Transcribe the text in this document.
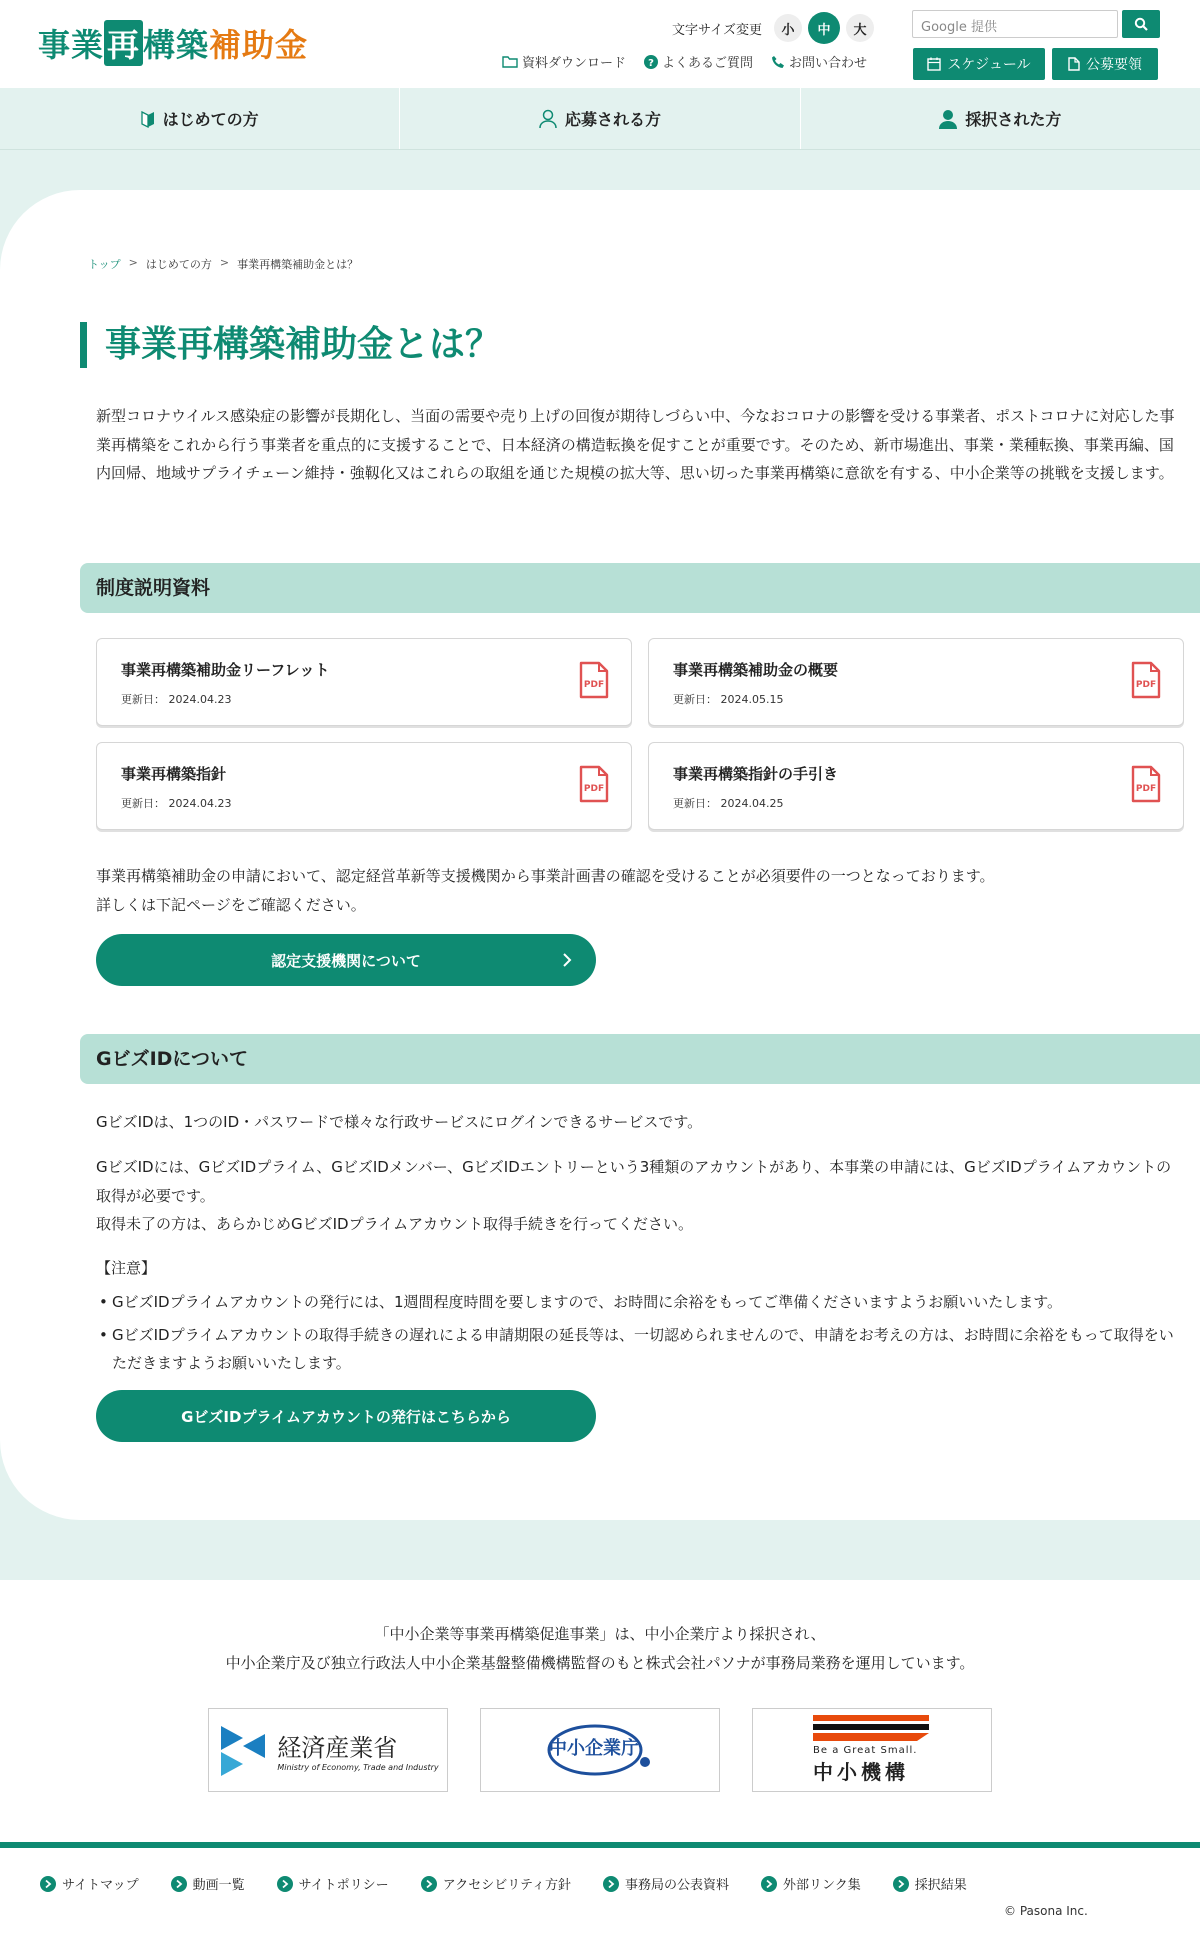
事業再構築補助金	文字サイズ変更	小	中	大	Google 提供
資料ダウンロード ? よくあるご質問	お問い合わせ	スケジュール	公募要領
はじめての方	応募される方	採択された方
トップ > はじめての方 > 事業再構築補助金とは？
事業再構築補助金とは？

新型コロナウイルス感染症の影響が長期化し、当面の需要や売り上げの回復が期待しづらい中、今なおコロナの影響を受ける事業者、ポストコロナに対応した事業再構築をこれから行う事業者を重点的に支援することで、日本経済の構造転換を促すことが重要です。そのため、新市場進出、事業・業種転換、事業再編、国内回帰、地域サプライチェーン維持・強靱化又はこれらの取組を通じた規模の拡大等、思い切った事業再構築に意欲を有する、中小企業等の挑戦を支援します。

制度説明資料
事業再構築補助金リーフレット
更新日： 2024.04.23
PDF
事業再構築補助金の概要
更新日： 2024.05.15
PDF
事業再構築指針
更新日： 2024.04.23
PDF
事業再構築指針の手引き
更新日： 2024.04.25
PDF

事業再構築補助金の申請において、認定経営革新等支援機関から事業計画書の確認を受けることが必須要件の一つとなっております。

詳しくは下記ページをご確認ください。

認定支援機関について
GビズIDについて

GビズIDは、1つのID・パスワードで様々な行政サービスにログインできるサービスです。

GビズIDには、GビズIDプライム、GビズIDメンバー、GビズIDエントリーという3種類のアカウントがあり、本事業の申請には、GビズIDプライムアカウントの取得が必要です。

取得未了の方は、あらかじめGビズIDプライムアカウント取得手続きを行ってください。

【注意】

• GビズIDプライムアカウントの発行には、1週間程度時間を要しますので、お時間に余裕をもってご準備くださいますようお願いいたします。

• GビズIDプライムアカウントの取得手続きの遅れによる申請期限の延長等は、一切認められませんので、申請をお考えの方は、お時間に余裕をもって取得をいただきますようお願いいたします。

GビズIDプライムアカウントの発行はこちらから
「中小企業等事業再構築促進事業」は、中小企業庁より採択され、
中小企業庁及び独立行政法人中小企業基盤整備機構監督のもと株式会社パソナが事務局業務を運用しています。
経済産業省
Ministry of Economy, Trade and Industry
中小企業庁	Be a Great Small.
中小機構
サイトマップ	動画一覧	サイトポリシー	アクセシビリティ方針	事務局の公表資料	外部リンク集	採択結果
© Pasona Inc.
